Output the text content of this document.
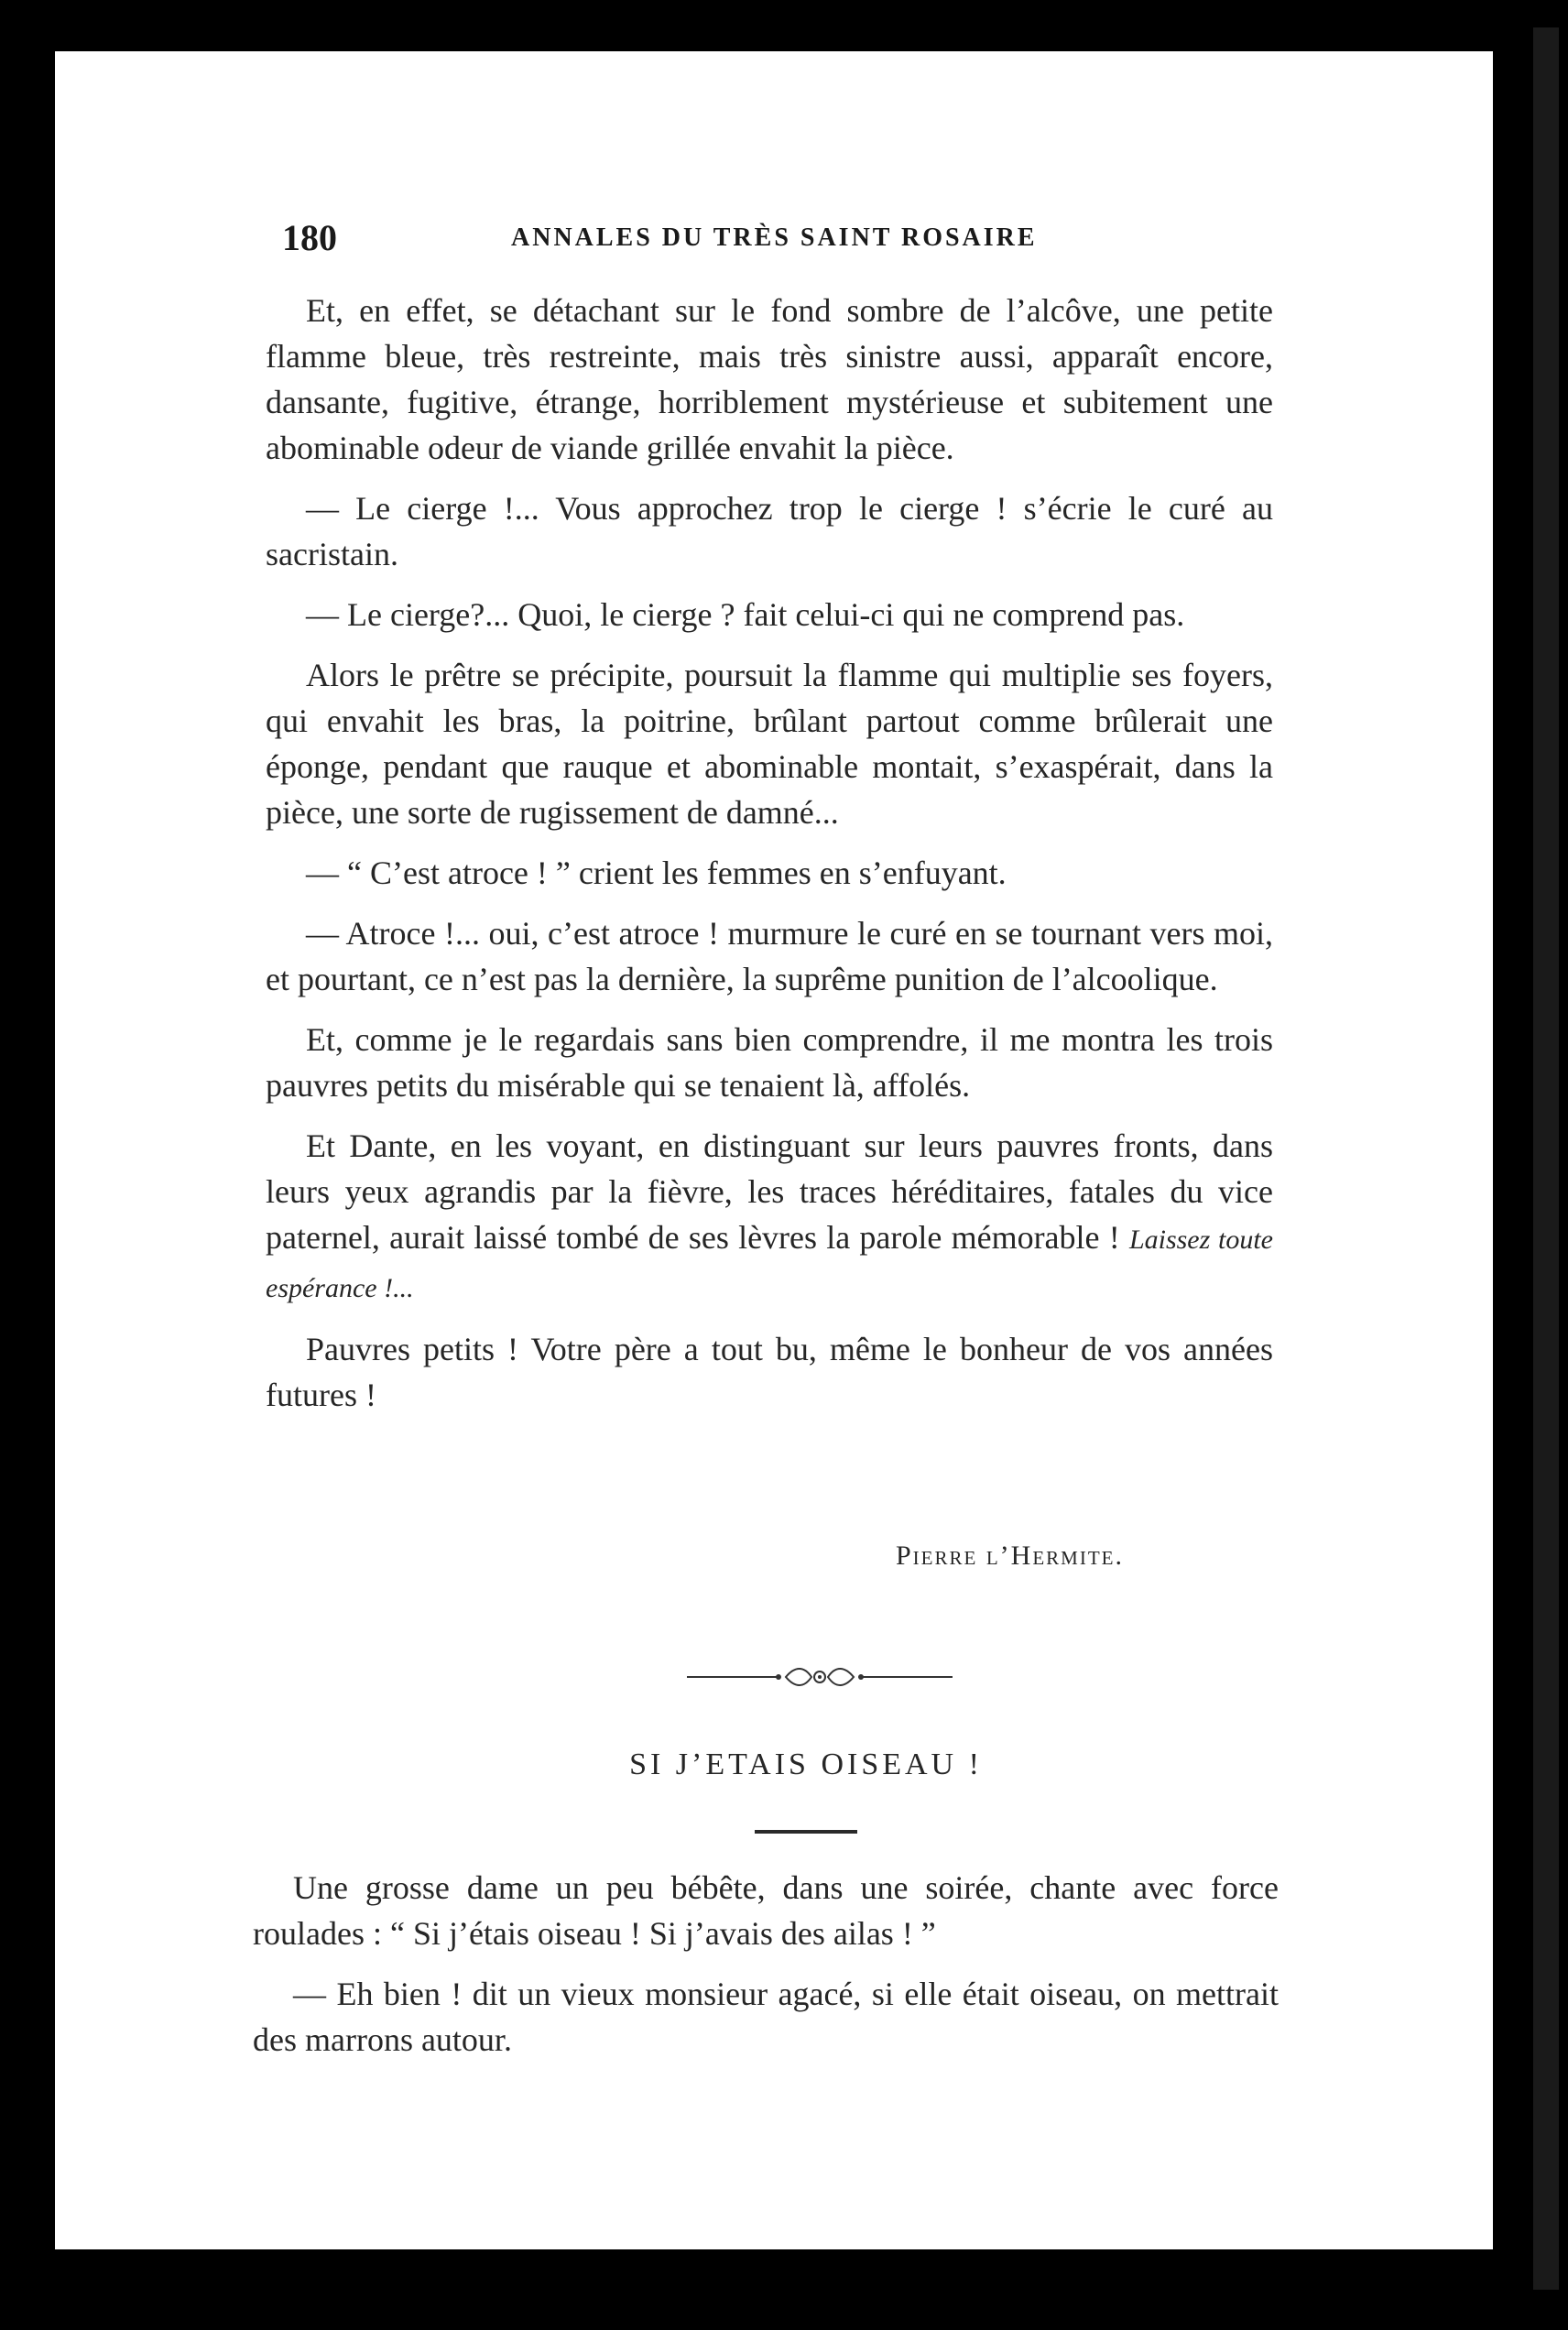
180	ANNALES DU TRÈS SAINT ROSAIRE

Et, en effet, se détachant sur le fond sombre de l’alcôve, une petite flamme bleue, très restreinte, mais très sinistre aussi, apparaît encore, dansante, fugitive, étrange, horriblement mystérieuse et subitement une abominable odeur de viande grillée envahit la pièce.

— Le cierge !... Vous approchez trop le cierge ! s’écrie le curé au sacristain.

— Le cierge?... Quoi, le cierge ? fait celui-ci qui ne comprend pas.

Alors le prêtre se précipite, poursuit la flamme qui multiplie ses foyers, qui envahit les bras, la poitrine, brûlant partout comme brûlerait une éponge, pendant que rauque et abominable montait, s’exaspérait, dans la pièce, une sorte de rugissement de damné...

— “ C’est atroce ! ” crient les femmes en s’enfuyant.

— Atroce !... oui, c’est atroce ! murmure le curé en se tournant vers moi, et pourtant, ce n’est pas la dernière, la suprême punition de l’alcoolique.

Et, comme je le regardais sans bien comprendre, il me montra les trois pauvres petits du misérable qui se tenaient là, affolés.

Et Dante, en les voyant, en distinguant sur leurs pauvres fronts, dans leurs yeux agrandis par la fièvre, les traces héréditaires, fatales du vice paternel, aurait laissé tombé de ses lèvres la parole mémorable ! Laissez toute espérance !...

Pauvres petits ! Votre père a tout bu, même le bonheur de vos années futures !

Pierre l’Hermite.
SI J’ETAIS OISEAU !

Une grosse dame un peu bébête, dans une soirée, chante avec force roulades : “ Si j’étais oiseau ! Si j’avais des ailas ! ”

— Eh bien ! dit un vieux monsieur agacé, si elle était oiseau, on mettrait des marrons autour.
